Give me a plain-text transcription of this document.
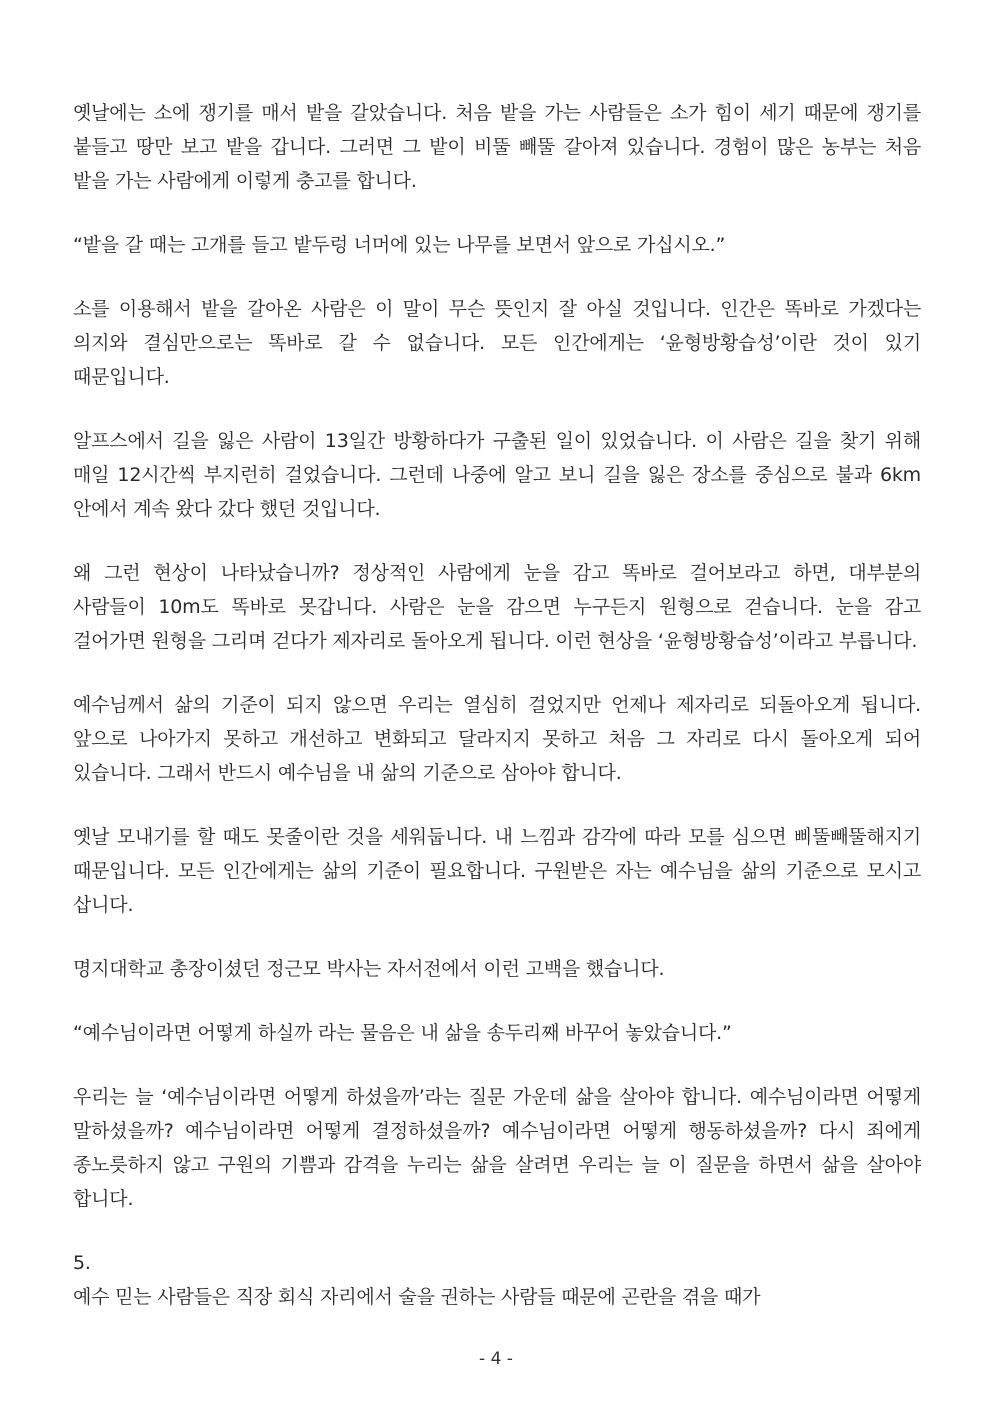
옛날에는 소에 쟁기를 매서 밭을 갈았습니다. 처음 밭을 가는 사람들은 소가 힘이 세기 때문에 쟁기를 붙들고 땅만 보고 밭을 갑니다. 그러면 그 밭이 비뚤 빼뚤 갈아져 있습니다. 경험이 많은 농부는 처음 밭을 가는 사람에게 이렇게 충고를 합니다.

“밭을 갈 때는 고개를 들고 밭두렁 너머에 있는 나무를 보면서 앞으로 가십시오.”

소를 이용해서 밭을 갈아온 사람은 이 말이 무슨 뜻인지 잘 아실 것입니다. 인간은 똑바로 가겠다는 의지와 결심만으로는 똑바로 갈 수 없습니다. 모든 인간에게는 ‘윤형방황습성’이란 것이 있기 때문입니다.

알프스에서 길을 잃은 사람이 13일간 방황하다가 구출된 일이 있었습니다. 이 사람은 길을 찾기 위해 매일 12시간씩 부지런히 걸었습니다. 그런데 나중에 알고 보니 길을 잃은 장소를 중심으로 불과 6km 안에서 계속 왔다 갔다 했던 것입니다.

왜 그런 현상이 나타났습니까? 정상적인 사람에게 눈을 감고 똑바로 걸어보라고 하면, 대부분의 사람들이 10m도 똑바로 못갑니다. 사람은 눈을 감으면 누구든지 원형으로 걷습니다. 눈을 감고 걸어가면 원형을 그리며 걷다가 제자리로 돌아오게 됩니다. 이런 현상을 ‘윤형방황습성’이라고 부릅니다.

예수님께서 삶의 기준이 되지 않으면 우리는 열심히 걸었지만 언제나 제자리로 되돌아오게 됩니다. 앞으로 나아가지 못하고 개선하고 변화되고 달라지지 못하고 처음 그 자리로 다시 돌아오게 되어 있습니다. 그래서 반드시 예수님을 내 삶의 기준으로 삼아야 합니다.

옛날 모내기를 할 때도 못줄이란 것을 세워둡니다. 내 느낌과 감각에 따라 모를 심으면 삐뚤빼뚤해지기 때문입니다. 모든 인간에게는 삶의 기준이 필요합니다. 구원받은 자는 예수님을 삶의 기준으로 모시고 삽니다.

명지대학교 총장이셨던 정근모 박사는 자서전에서 이런 고백을 했습니다.

“예수님이라면 어떻게 하실까 라는 물음은 내 삶을 송두리째 바꾸어 놓았습니다.”

우리는 늘 ‘예수님이라면 어떻게 하셨을까’라는 질문 가운데 삶을 살아야 합니다. 예수님이라면 어떻게 말하셨을까? 예수님이라면 어떻게 결정하셨을까? 예수님이라면 어떻게 행동하셨을까? 다시 죄에게 종노릇하지 않고 구원의 기쁨과 감격을 누리는 삶을 살려면 우리는 늘 이 질문을 하면서 삶을 살아야 합니다.

5.

예수 믿는 사람들은 직장 회식 자리에서 술을 권하는 사람들 때문에 곤란을 겪을 때가

- 4 -
